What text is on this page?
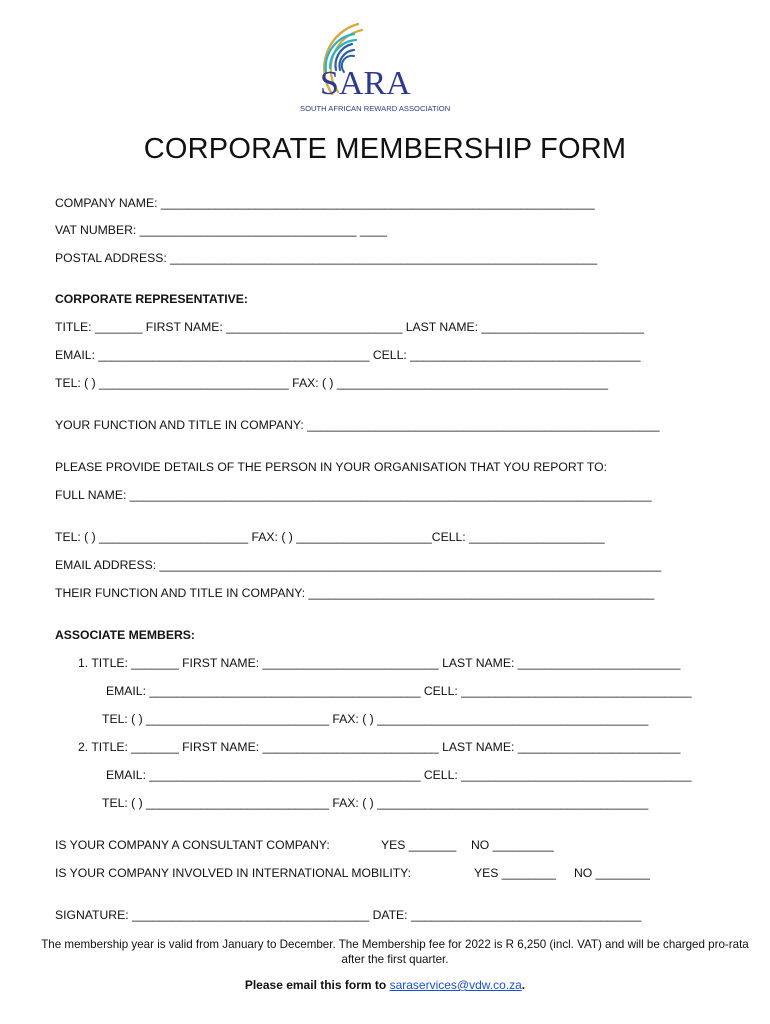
SARA
SOUTH AFRICAN REWARD ASSOCIATION
CORPORATE MEMBERSHIP FORM
COMPANY NAME: ________________________________________________________________
VAT NUMBER: ________________________________ ____
POSTAL ADDRESS: _______________________________________________________________
CORPORATE REPRESENTATIVE:
TITLE: _______ FIRST NAME: __________________________ LAST NAME: ________________________
EMAIL: ________________________________________ CELL: __________________________________
TEL: ( ) ____________________________ FAX: ( ) ________________________________________
YOUR FUNCTION AND TITLE IN COMPANY: ____________________________________________________
PLEASE PROVIDE DETAILS OF THE PERSON IN YOUR ORGANISATION THAT YOU REPORT TO:
FULL NAME: _____________________________________________________________________________
TEL: ( ) ______________________ FAX: ( ) ____________________CELL: ____________________
EMAIL ADDRESS: __________________________________________________________________________
THEIR FUNCTION AND TITLE IN COMPANY: ___________________________________________________
ASSOCIATE MEMBERS:
1. TITLE: _______ FIRST NAME: __________________________ LAST NAME: ________________________
EMAIL: ________________________________________ CELL: __________________________________
TEL: ( ) ___________________________ FAX: ( ) ________________________________________
2. TITLE: _______ FIRST NAME: __________________________ LAST NAME: ________________________
EMAIL: ________________________________________ CELL: __________________________________
TEL: ( ) ___________________________ FAX: ( ) ________________________________________
IS YOUR COMPANY A CONSULTANT COMPANY:	YES _______ NO _________
IS YOUR COMPANY INVOLVED IN INTERNATIONAL MOBILITY:	YES ________ NO ________
SIGNATURE: ___________________________________ DATE: __________________________________
The membership year is valid from January to December. The Membership fee for 2022 is R 6,250 (incl. VAT) and will be charged pro-rata after the first quarter.
Please email this form to saraservices@vdw.co.za.
